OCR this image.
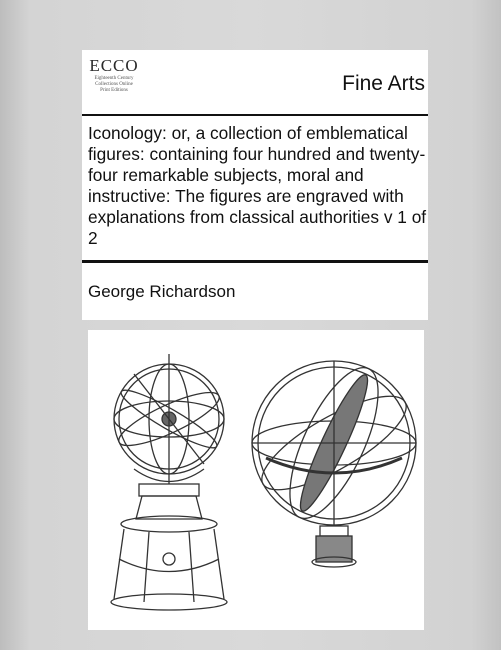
ECCO
Eighteenth Century
Collections Online
Print Editions	Fine Arts
Iconology: or, a collection of emblematical figures: containing four hundred and twenty-four remarkable subjects, moral and instructive: The figures are engraved with explanations from classical authorities v 1 of 2
George Richardson
